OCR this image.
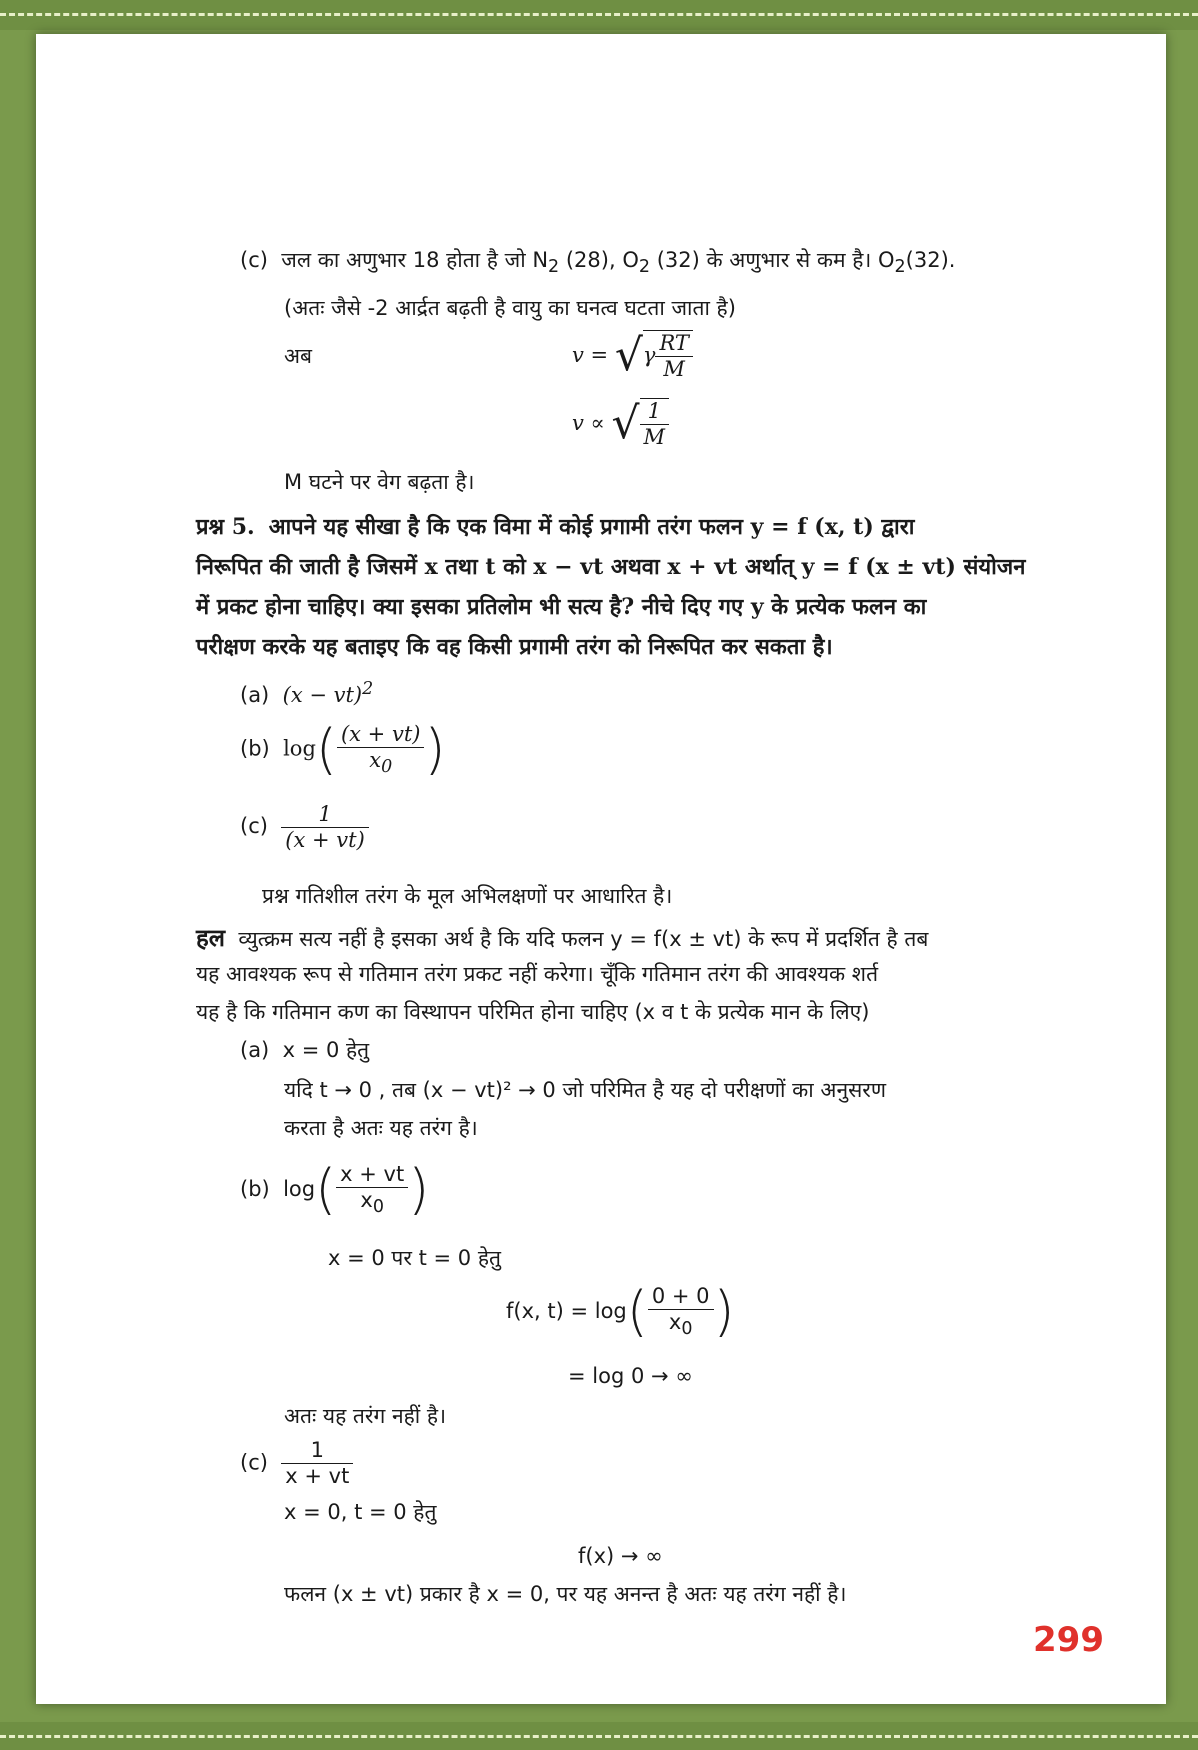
(c) जल का अणुभार 18 होता है जो $N_2$ (28), $O_2$ (32) के अणुभार से कम है। $O_2(32)$.
(अतः जैसे -2 आर्द्रत बढ़ती है वायु का घनत्व घटता जाता है)
अब	$v = √\gamma \frac{RT}{M}$
v ∝ √ $\frac{1}{M}$
M घटने पर वेग बढ़ता है।
प्रश्न 5. आपने यह सीखा है कि एक विमा में कोई प्रगामी तरंग फलन y = f (x, t) द्वारा
निरूपित की जाती है जिसमें x तथा t को x − vt अथवा x + vt अर्थात् y = f (x ± vt) संयोजन
में प्रकट होना चाहिए। क्या इसका प्रतिलोम भी सत्य है? नीचे दिए गए y के प्रत्येक फलन का
परीक्षण करके यह बताइए कि वह किसी प्रगामी तरंग को निरूपित कर सकता है।
(a) (x − vt)$^2$
(b) $\log( \frac{(x + vt)}{x_0}$ )
$(c) \frac{1}{(x + vt)}$
प्रश्न गतिशील तरंग के मूल अभिलक्षणों पर आधारित है।
हल व्युत्क्रम सत्य नहीं है इसका अर्थ है कि यदि फलन y = f(x ± vt) के रूप में प्रदर्शित है तब
यह आवश्यक रूप से गतिमान तरंग प्रकट नहीं करेगा। चूँकि गतिमान तरंग की आवश्यक शर्त
यह है कि गतिमान कण का विस्थापन परिमित होना चाहिए (x व t के प्रत्येक मान के लिए)
(a) x = 0 हेतु
यदि t → 0 , तब (x − vt)² → 0 जो परिमित है यह दो परीक्षणों का अनुसरण
करता है अतः यह तरंग है।
(b) $\log( \frac{x + vt}{x_0}$ )
x = 0 पर t = 0 हेतु
f(x, $t) = \log( \frac{0 + 0}{x_0}$ )
= log 0 → ∞
अतः यह तरंग नहीं है।
$(c) \frac{1}{x + vt}$
x = 0, t = 0 हेतु
f(x) → ∞
फलन (x ± vt) प्रकार है x = 0, पर यह अनन्त है अतः यह तरंग नहीं है।
299
